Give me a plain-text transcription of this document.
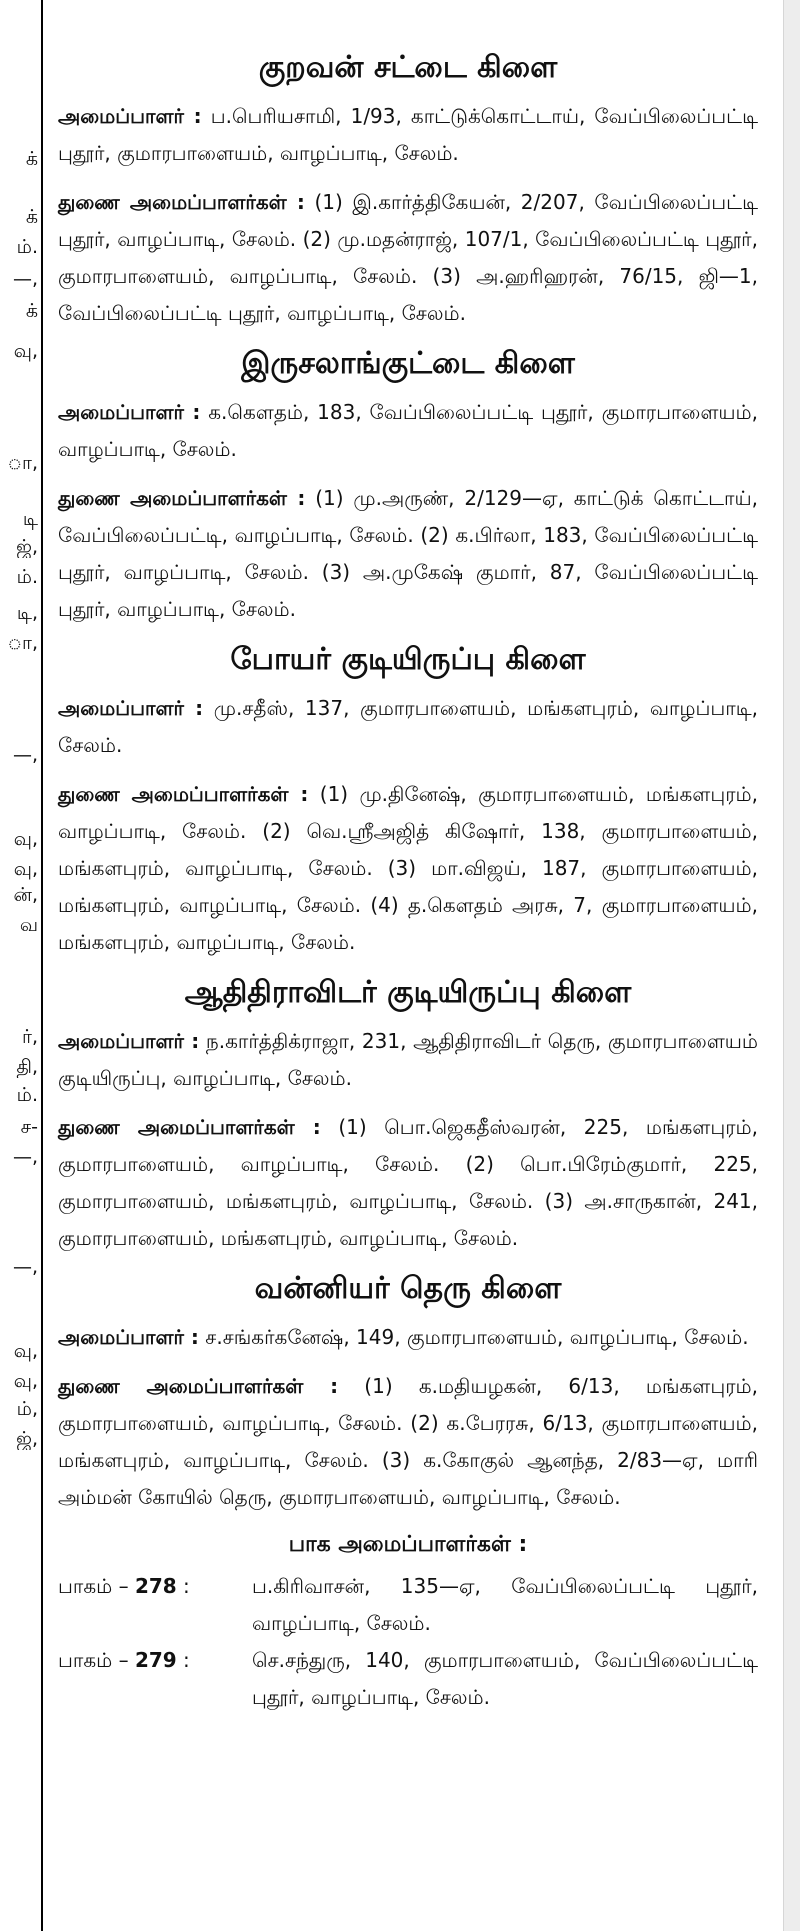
க்
க்
ம்.
—,
க்
வு,
ா,
டி
ஜ்,
ம்.
டி,
ா,
—,
வு,
வு,
ன்,
வ
ர்,
தி,
ம்.
ச-
—,
—,
வு,
வு,
ம்,
ஜ்,
குறவன் சட்டை கிளை

அமைப்பாளர் : ப.பெரியசாமி, 1/93, காட்டுக்கொட்டாய், வேப்பிலைப்பட்டி புதூர், குமாரபாளையம், வாழப்பாடி, சேலம்.

துணை அமைப்பாளர்கள் : (1) இ.கார்த்திகேயன், 2/207, வேப்பிலைப்பட்டி புதூர், வாழப்பாடி, சேலம். (2) மு.மதன்ராஜ், 107/1, வேப்பிலைப்பட்டி புதூர், குமாரபாளையம், வாழப்பாடி, சேலம். (3) அ.ஹரிஹரன், 76/15, ஜி—1, வேப்பிலைப்பட்டி புதூர், வாழப்பாடி, சேலம்.

இருசலாங்குட்டை கிளை

அமைப்பாளர் : க.கௌதம், 183, வேப்பிலைப்பட்டி புதூர், குமாரபாளையம், வாழப்பாடி, சேலம்.

துணை அமைப்பாளர்கள் : (1) மு.அருண், 2/129—ஏ, காட்டுக் கொட்டாய், வேப்பிலைப்பட்டி, வாழப்பாடி, சேலம். (2) க.பிர்லா, 183, வேப்பிலைப்பட்டி புதூர், வாழப்பாடி, சேலம். (3) அ.முகேஷ் குமார், 87, வேப்பிலைப்பட்டி புதூர், வாழப்பாடி, சேலம்.

போயர் குடியிருப்பு கிளை

அமைப்பாளர் : மு.சதீஸ், 137, குமாரபாளையம், மங்களபுரம், வாழப்பாடி, சேலம்.

துணை அமைப்பாளர்கள் : (1) மு.தினேஷ், குமாரபாளையம், மங்களபுரம், வாழப்பாடி, சேலம். (2) வெ.ஸ்ரீஅஜித் கிஷோர், 138, குமாரபாளையம், மங்களபுரம், வாழப்பாடி, சேலம். (3) மா.விஜய், 187, குமாரபாளையம், மங்களபுரம், வாழப்பாடி, சேலம். (4) த.கௌதம் அரசு, 7, குமாரபாளையம், மங்களபுரம், வாழப்பாடி, சேலம்.

ஆதிதிராவிடர் குடியிருப்பு கிளை

அமைப்பாளர் : ந.கார்த்திக்ராஜா, 231, ஆதிதிராவிடர் தெரு, குமாரபாளையம் குடியிருப்பு, வாழப்பாடி, சேலம்.

துணை அமைப்பாளர்கள் : (1) பொ.ஜெகதீஸ்வரன், 225, மங்களபுரம், குமாரபாளையம், வாழப்பாடி, சேலம். (2) பொ.பிரேம்குமார், 225, குமாரபாளையம், மங்களபுரம், வாழப்பாடி, சேலம். (3) அ.சாருகான், 241, குமாரபாளையம், மங்களபுரம், வாழப்பாடி, சேலம்.

வன்னியர் தெரு கிளை

அமைப்பாளர் : ச.சங்கர்கனேஷ், 149, குமாரபாளையம், வாழப்பாடி, சேலம்.

துணை அமைப்பாளர்கள் : (1) க.மதியழகன், 6/13, மங்களபுரம், குமாரபாளையம், வாழப்பாடி, சேலம். (2) க.பேரரசு, 6/13, குமாரபாளையம், மங்களபுரம், வாழப்பாடி, சேலம். (3) க.கோகுல் ஆனந்த, 2/83—ஏ, மாரி அம்மன் கோயில் தெரு, குமாரபாளையம், வாழப்பாடி, சேலம்.

பாக அமைப்பாளர்கள் :
பாகம் – 278 :	ப.கிரிவாசன், 135—ஏ, வேப்பிலைப்பட்டி புதூர், வாழப்பாடி, சேலம்.
பாகம் – 279 :	செ.சந்துரு, 140, குமாரபாளையம், வேப்பிலைப்பட்டி புதூர், வாழப்பாடி, சேலம்.
